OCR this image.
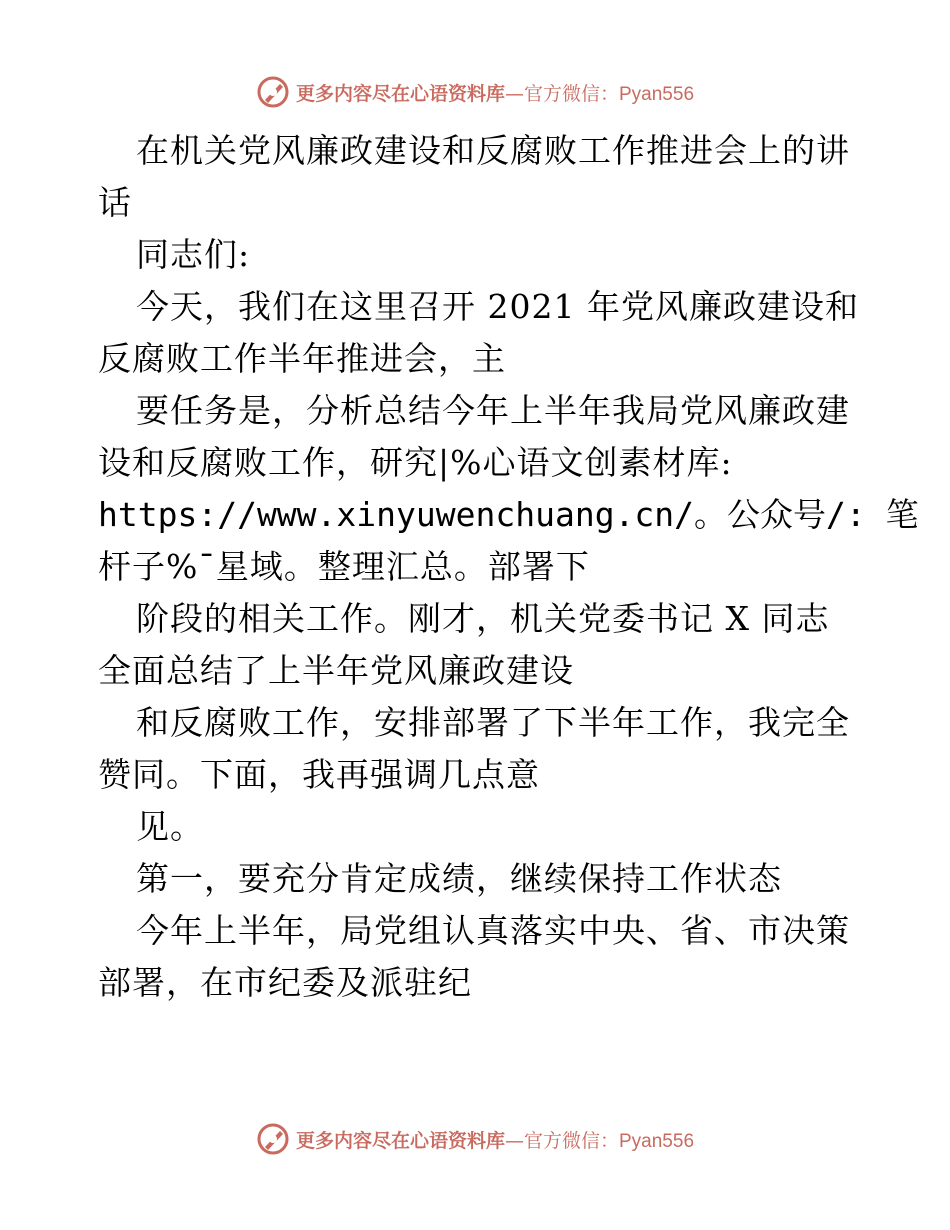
更多内容尽在心语资料库—官方微信：Pyan556
在机关党风廉政建设和反腐败工作推进会上的讲
话
同志们:
今天，我们在这里召开 2021 年党风廉政建设和
反腐败工作半年推进会，主
要任务是，分析总结今年上半年我局党风廉政建
设和反腐败工作，研究|%心语文创素材库:
https://www.xinyuwenchuang.cn/。公众号/: 笔
杆子%¯星域。整理汇总。部署下
阶段的相关工作。刚才，机关党委书记 X 同志
全面总结了上半年党风廉政建设
和反腐败工作，安排部署了下半年工作，我完全
赞同。下面，我再强调几点意
见。
第一，要充分肯定成绩，继续保持工作状态
今年上半年，局党组认真落实中央、省、市决策
部署，在市纪委及派驻纪
更多内容尽在心语资料库—官方微信：Pyan556
